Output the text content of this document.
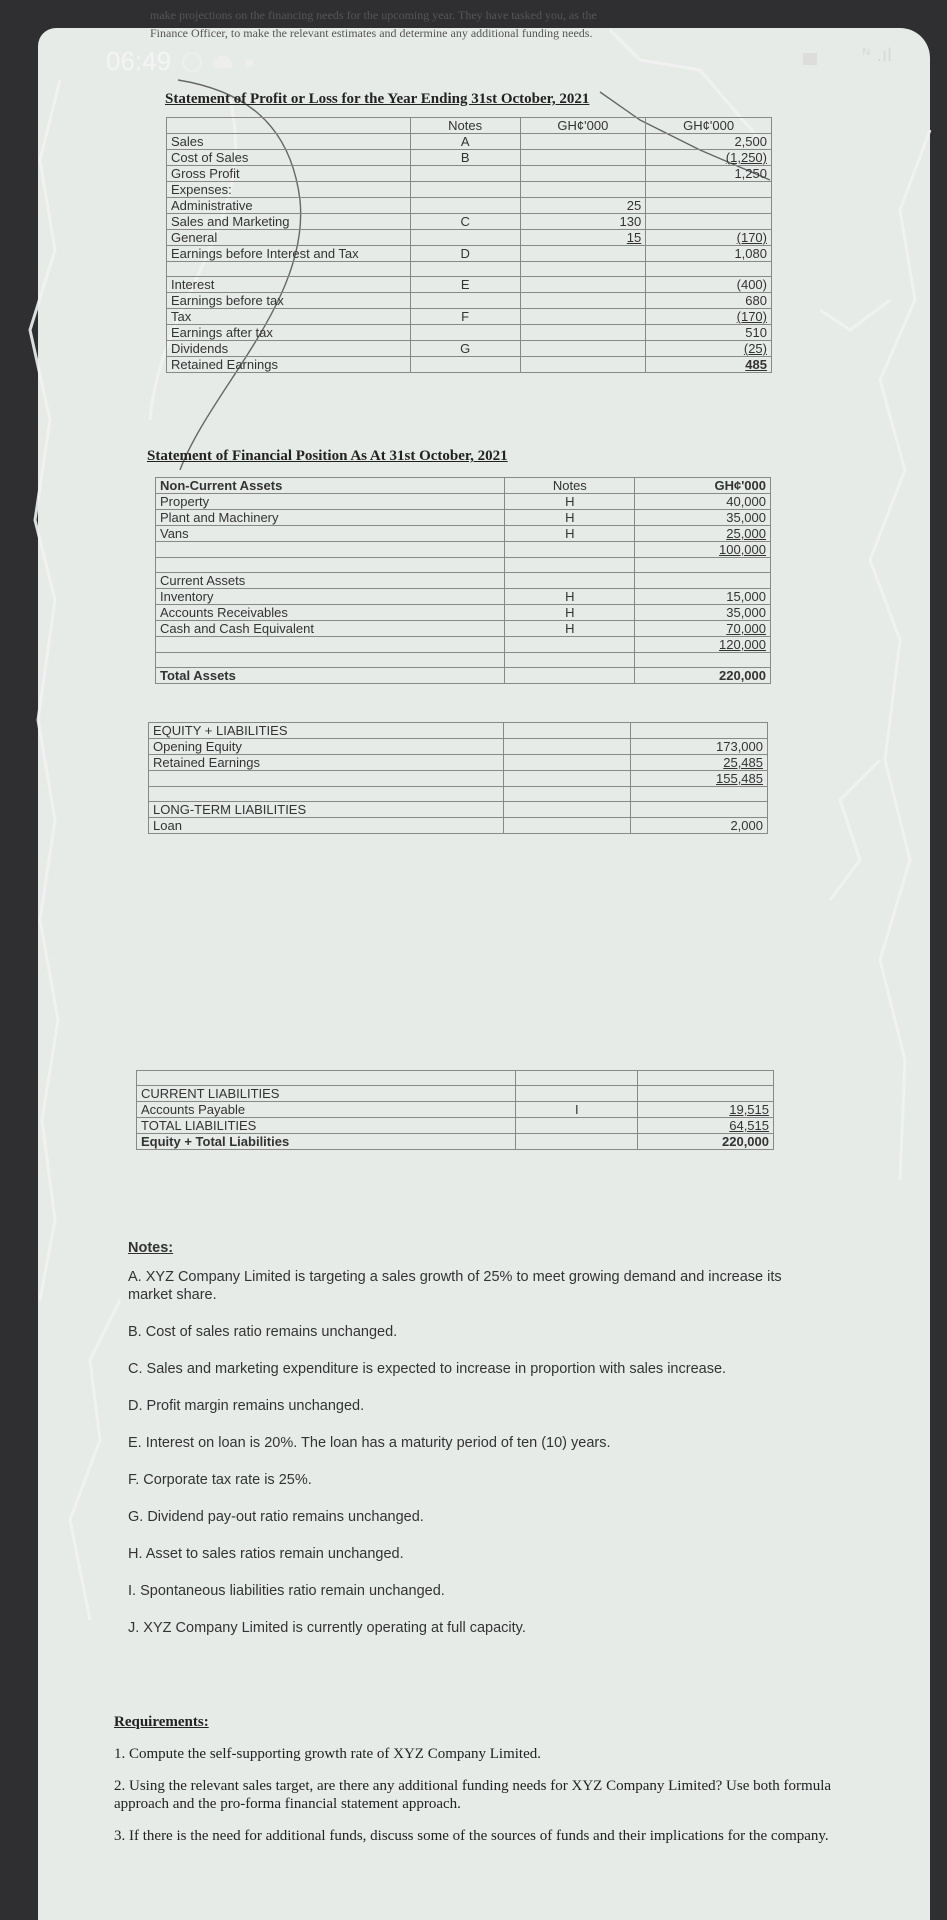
make projections on the financing needs for the upcoming year. They have tasked you, as the
Finance Officer, to make the relevant estimates and determine any additional funding needs.
06:49	ᴺ .ıl
Statement of Profit or Loss for the Year Ending 31st October, 2021
	Notes	GH¢'000	GH¢'000
Sales	A		2,500
Cost of Sales	B		(1,250)
Gross Profit			1,250
Expenses:			
Administrative		25	
Sales and Marketing	C	130	
General		15	(170)
Earnings before Interest and Tax	D		1,080

Interest	E		(400)
Earnings before tax			680
Tax	F		(170)
Earnings after tax			510
Dividends	G		(25)
Retained Earnings			485
Statement of Financial Position As At 31st October, 2021
Non-Current Assets	Notes	GH¢'000
Property	H	40,000
Plant and Machinery	H	35,000
Vans	H	25,000
		100,000

Current Assets		
Inventory	H	15,000
Accounts Receivables	H	35,000
Cash and Cash Equivalent	H	70,000
		120,000

Total Assets		220,000
EQUITY + LIABILITIES		
Opening Equity		173,000
Retained Earnings		25,485
		155,485

LONG-TERM LIABILITIES		
Loan		2,000

CURRENT LIABILITIES		
Accounts Payable	I	19,515
TOTAL LIABILITIES		64,515
Equity + Total Liabilities		220,000
Notes:

A. XYZ Company Limited is targeting a sales growth of 25% to meet growing demand and increase its market share.

B. Cost of sales ratio remains unchanged.

C. Sales and marketing expenditure is expected to increase in proportion with sales increase.

D. Profit margin remains unchanged.

E. Interest on loan is 20%. The loan has a maturity period of ten (10) years.

F. Corporate tax rate is 25%.

G. Dividend pay-out ratio remains unchanged.

H. Asset to sales ratios remain unchanged.

I. Spontaneous liabilities ratio remain unchanged.

J. XYZ Company Limited is currently operating at full capacity.

Requirements:

1. Compute the self-supporting growth rate of XYZ Company Limited.

2. Using the relevant sales target, are there any additional funding needs for XYZ Company Limited? Use both formula approach and the pro-forma financial statement approach.

3. If there is the need for additional funds, discuss some of the sources of funds and their implications for the company.
